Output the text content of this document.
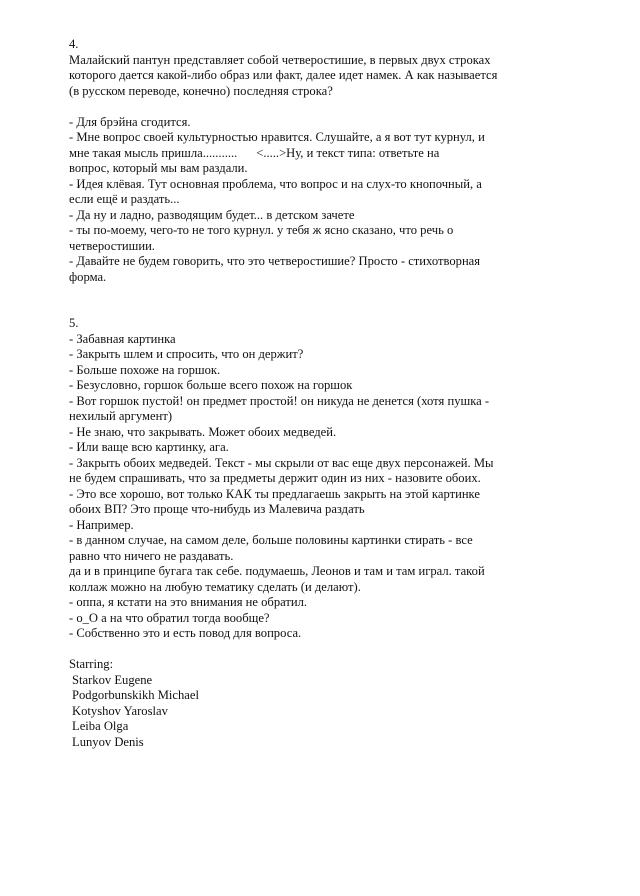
4.
Малайский пантун представляет собой четверостишие, в первых двух строках
которого дается какой-либо образ или факт, далее идет намек. А как называется
(в русском переводе, конечно) последняя строка?
- Для брэйна сгодится.
- Мне вопрос своей культурностью нравится. Слушайте, а я вот тут курнул, и
мне такая мысль пришла...........      <.....>Ну, и текст типа: ответьте на
вопрос, который мы вам раздали.
- Идея клёвая. Тут основная проблема, что вопрос и на слух-то кнопочный, а
если ещё и раздать...
- Да ну и ладно, разводящим будет... в детском зачете
- ты по-моему, чего-то не того курнул. у тебя ж ясно сказано, что речь о
четверостишии.
- Давайте не будем говорить, что это четверостишие? Просто - стихотворная
форма.
5.
- Забавная картинка
- Закрыть шлем и спросить, что он держит?
- Больше похоже на горшок.
- Безусловно, горшок больше всего похож на горшок
- Вот горшок пустой! он предмет простой! он никуда не денется (хотя пушка -
нехилый аргумент)
- Не знаю, что закрывать. Может обоих медведей.
- Или ваще всю картинку, ага.
- Закрыть обоих медведей. Текст - мы скрыли от вас еще двух персонажей. Мы
не будем спрашивать, что за предметы держит один из них - назовите обоих.
- Это все хорошо, вот только КАК ты предлагаешь закрыть на этой картинке
обоих ВП? Это проще что-нибудь из Малевича раздать
- Например.
- в данном случае, на самом деле, больше половины картинки стирать - все
равно что ничего не раздавать.
да и в принципе бугага так себе. подумаешь, Леонов и там и там играл. такой
коллаж можно на любую тематику сделать (и делают).
- оппа, я кстати на это внимания не обратил.
- о_О а на что обратил тогда вообще?
- Собственно это и есть повод для вопроса.
Starring:
Starkov Eugene
Podgorbunskikh Michael
Kotyshov Yaroslav
Leiba Olga
Lunyov Denis
